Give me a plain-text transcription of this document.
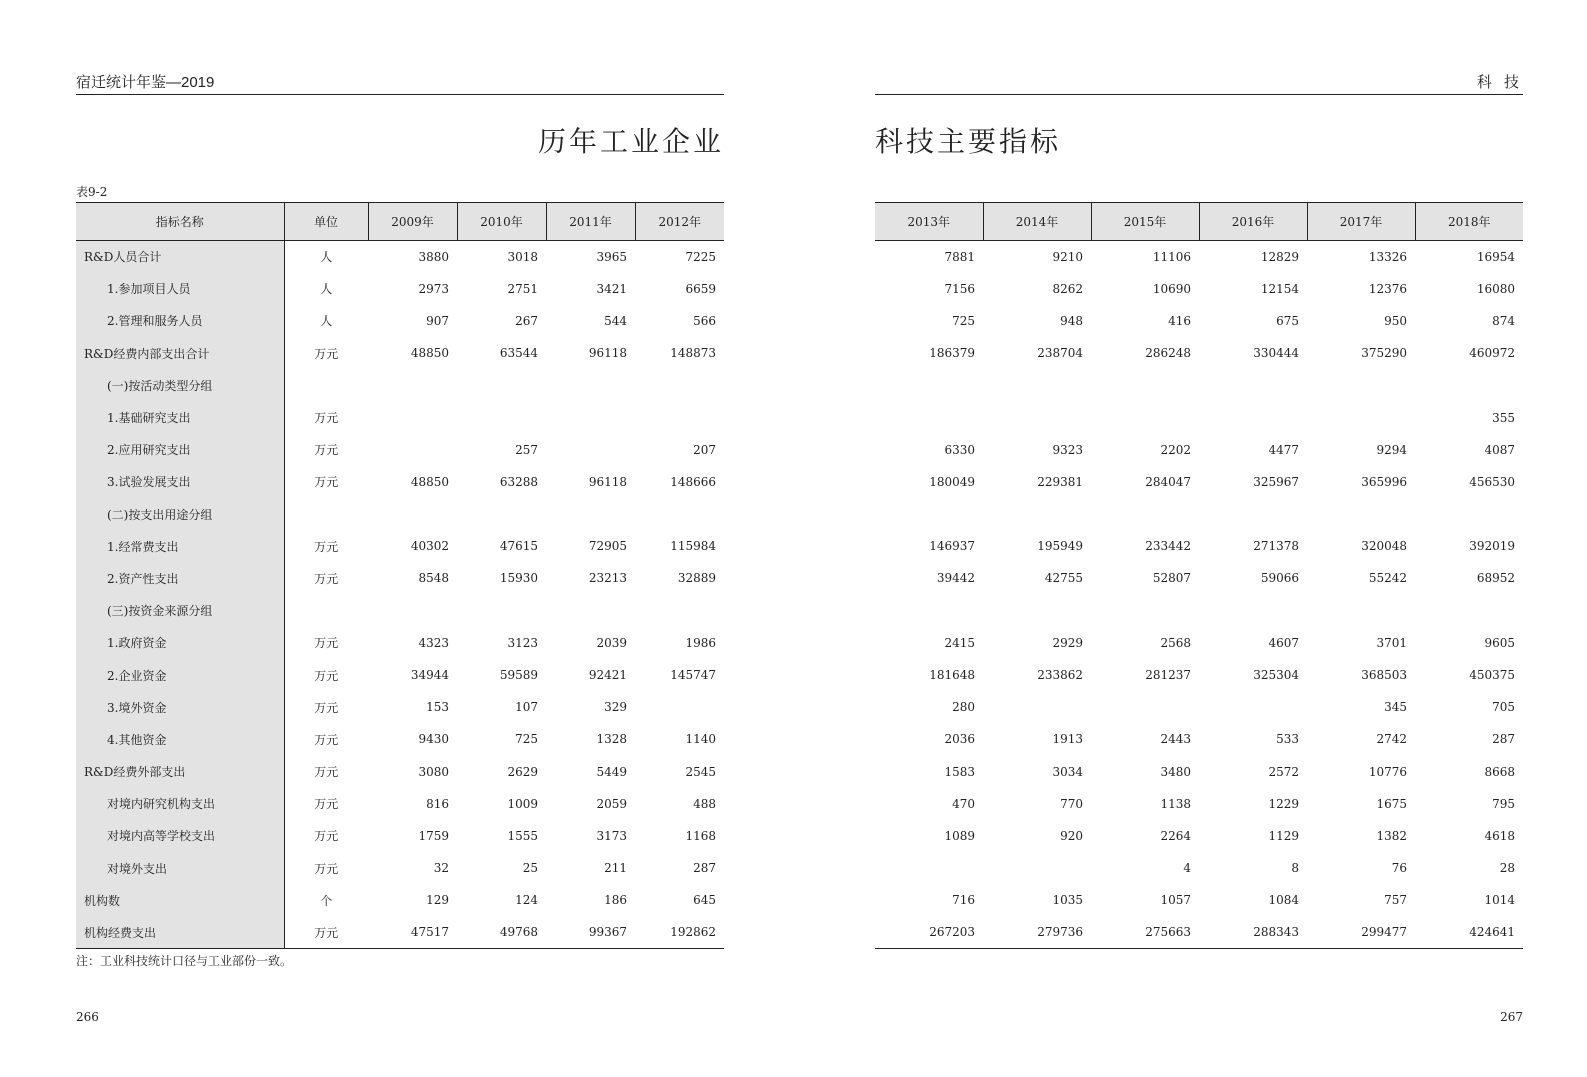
宿迁统计年鉴—2019
历年工业企业
表9-2
指标名称	单位	2009年	2010年	2011年	2012年
R&D人员合计	人	3880	3018	3965	7225
1.参加项目人员	人	2973	2751	3421	6659
2.管理和服务人员	人	907	267	544	566
R&D经费内部支出合计	万元	48850	63544	96118	148873
(一)按活动类型分组					
1.基础研究支出	万元				
2.应用研究支出	万元		257		207
3.试验发展支出	万元	48850	63288	96118	148666
(二)按支出用途分组					
1.经常费支出	万元	40302	47615	72905	115984
2.资产性支出	万元	8548	15930	23213	32889
(三)按资金来源分组					
1.政府资金	万元	4323	3123	2039	1986
2.企业资金	万元	34944	59589	92421	145747
3.境外资金	万元	153	107	329	
4.其他资金	万元	9430	725	1328	1140
R&D经费外部支出	万元	3080	2629	5449	2545
对境内研究机构支出	万元	816	1009	2059	488
对境内高等学校支出	万元	1759	1555	3173	1168
对境外支出	万元	32	25	211	287
机构数	个	129	124	186	645
机构经费支出	万元	47517	49768	99367	192862
注：工业科技统计口径与工业部份一致。
266
科 技
科技主要指标
2013年	2014年	2015年	2016年	2017年	2018年
7881	9210	11106	12829	13326	16954
7156	8262	10690	12154	12376	16080
725	948	416	675	950	874
186379	238704	286248	330444	375290	460972

					355
6330	9323	2202	4477	9294	4087
180049	229381	284047	325967	365996	456530

146937	195949	233442	271378	320048	392019
39442	42755	52807	59066	55242	68952

2415	2929	2568	4607	3701	9605
181648	233862	281237	325304	368503	450375
280				345	705
2036	1913	2443	533	2742	287
1583	3034	3480	2572	10776	8668
470	770	1138	1229	1675	795
1089	920	2264	1129	1382	4618
		4	8	76	28
716	1035	1057	1084	757	1014
267203	279736	275663	288343	299477	424641
267
